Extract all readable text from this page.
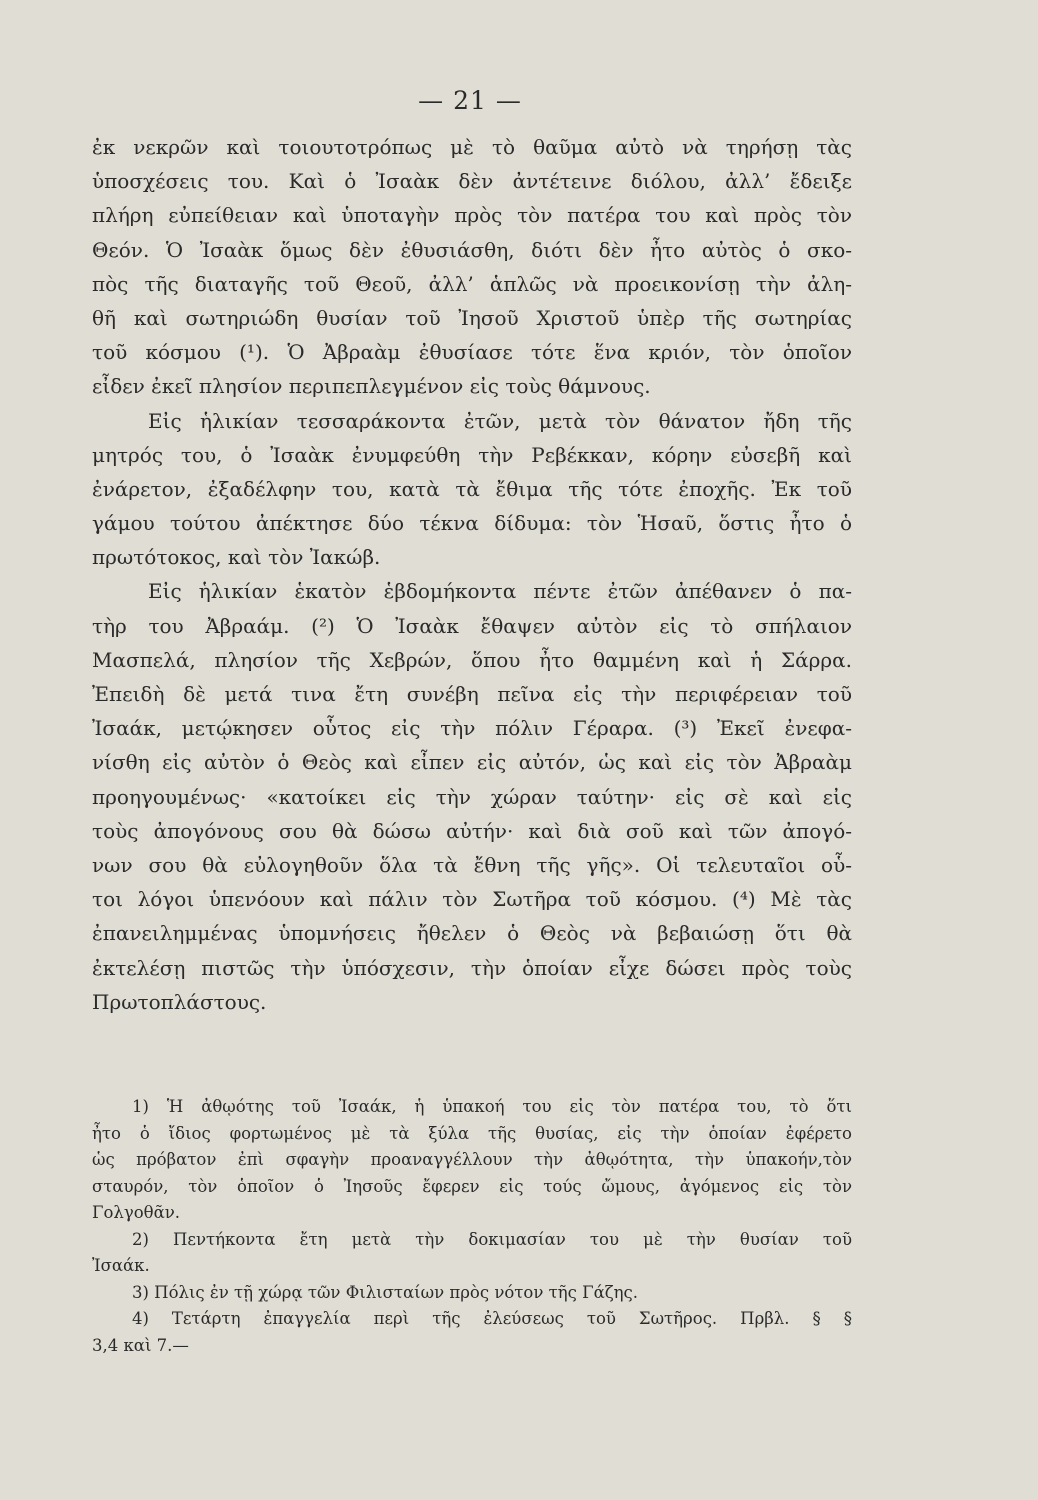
— 21 —
ἐκ νεκρῶν καὶ τοιουτοτρόπως μὲ τὸ θαῦμα αὐτὸ νὰ τηρήσῃ τὰς
ὑποσχέσεις του. Καὶ ὁ Ἰσαὰκ δὲν ἀντέτεινε διόλου, ἀλλ’ ἔδειξε
πλήρη εὐπείθειαν καὶ ὑποταγὴν πρὸς τὸν πατέρα του καὶ πρὸς τὸν
Θεόν. Ὁ Ἰσαὰκ ὅμως δὲν ἐθυσιάσθη, διότι δὲν ἦτο αὐτὸς ὁ σκο-
πὸς τῆς διαταγῆς τοῦ Θεοῦ, ἀλλ’ ἁπλῶς νὰ προεικονίσῃ τὴν ἀλη-
θῆ καὶ σωτηριώδη θυσίαν τοῦ Ἰησοῦ Χριστοῦ ὑπὲρ τῆς σωτηρίας
τοῦ κόσμου (¹). Ὁ Ἀβραὰμ ἐθυσίασε τότε ἕνα κριόν, τὸν ὁποῖον
εἶδεν ἐκεῖ πλησίον περιπεπλεγμένον εἰς τοὺς θάμνους.
Εἰς ἡλικίαν τεσσαράκοντα ἐτῶν, μετὰ τὸν θάνατον ἤδη τῆς
μητρός του, ὁ Ἰσαὰκ ἐνυμφεύθη τὴν Ρεβέκκαν, κόρην εὐσεβῆ καὶ
ἐνάρετον, ἐξαδέλφην του, κατὰ τὰ ἔθιμα τῆς τότε ἐποχῆς. Ἐκ τοῦ
γάμου τούτου ἀπέκτησε δύο τέκνα δίδυμα: τὸν Ἡσαῦ, ὅστις ἦτο ὁ
πρωτότοκος, καὶ τὸν Ἰακώβ.
Εἰς ἡλικίαν ἑκατὸν ἑβδομήκοντα πέντε ἐτῶν ἀπέθανεν ὁ πα-
τὴρ του Ἀβραάμ. (²) Ὁ Ἰσαὰκ ἔθαψεν αὐτὸν εἰς τὸ σπήλαιον
Μασπελά, πλησίον τῆς Χεβρών, ὅπου ἦτο θαμμένη καὶ ἡ Σάρρα.
Ἐπειδὴ δὲ μετά τινα ἔτη συνέβη πεῖνα εἰς τὴν περιφέρειαν τοῦ
Ἰσαάκ, μετῴκησεν οὗτος εἰς τὴν πόλιν Γέραρα. (³) Ἐκεῖ ἐνεφα-
νίσθη εἰς αὐτὸν ὁ Θεὸς καὶ εἶπεν εἰς αὐτόν, ὡς καὶ εἰς τὸν Ἀβραὰμ
προηγουμένως· «κατοίκει εἰς τὴν χώραν ταύτην· εἰς σὲ καὶ εἰς
τοὺς ἀπογόνους σου θὰ δώσω αὐτήν· καὶ διὰ σοῦ καὶ τῶν ἀπογό-
νων σου θὰ εὐλογηθοῦν ὅλα τὰ ἔθνη τῆς γῆς». Οἱ τελευταῖοι οὗ-
τοι λόγοι ὑπενόουν καὶ πάλιν τὸν Σωτῆρα τοῦ κόσμου. (⁴) Μὲ τὰς
ἐπανειλημμένας ὑπομνήσεις ἤθελεν ὁ Θεὸς νὰ βεβαιώσῃ ὅτι θὰ
ἐκτελέσῃ πιστῶς τὴν ὑπόσχεσιν, τὴν ὁποίαν εἶχε δώσει πρὸς τοὺς
Πρωτοπλάστους.
1) Ἡ ἀθῳότης τοῦ Ἰσαάκ, ἡ ὑπακοή του εἰς τὸν πατέρα του, τὸ ὅτι
ἦτο ὁ ἴδιος φορτωμένος μὲ τὰ ξύλα τῆς θυσίας, εἰς τὴν ὁποίαν ἐφέρετο
ὡς πρόβατον ἐπὶ σφαγὴν προαναγγέλλουν τὴν ἀθῳότητα, τὴν ὑπακοήν,τὸν
σταυρόν, τὸν ὁποῖον ὁ Ἰησοῦς ἔφερεν εἰς τούς ὤμους, ἀγόμενος εἰς τὸν
Γολγοθᾶν.
2) Πεντήκοντα ἔτη μετὰ τὴν δοκιμασίαν του μὲ τὴν θυσίαν τοῦ
Ἰσαάκ.
3) Πόλις ἐν τῇ χώρᾳ τῶν Φιλισταίων πρὸς νότον τῆς Γάζης.
4) Τετάρτη ἐπαγγελία περὶ τῆς ἐλεύσεως τοῦ Σωτῆρος. Πρβλ. § §
3,4 καὶ 7.—
